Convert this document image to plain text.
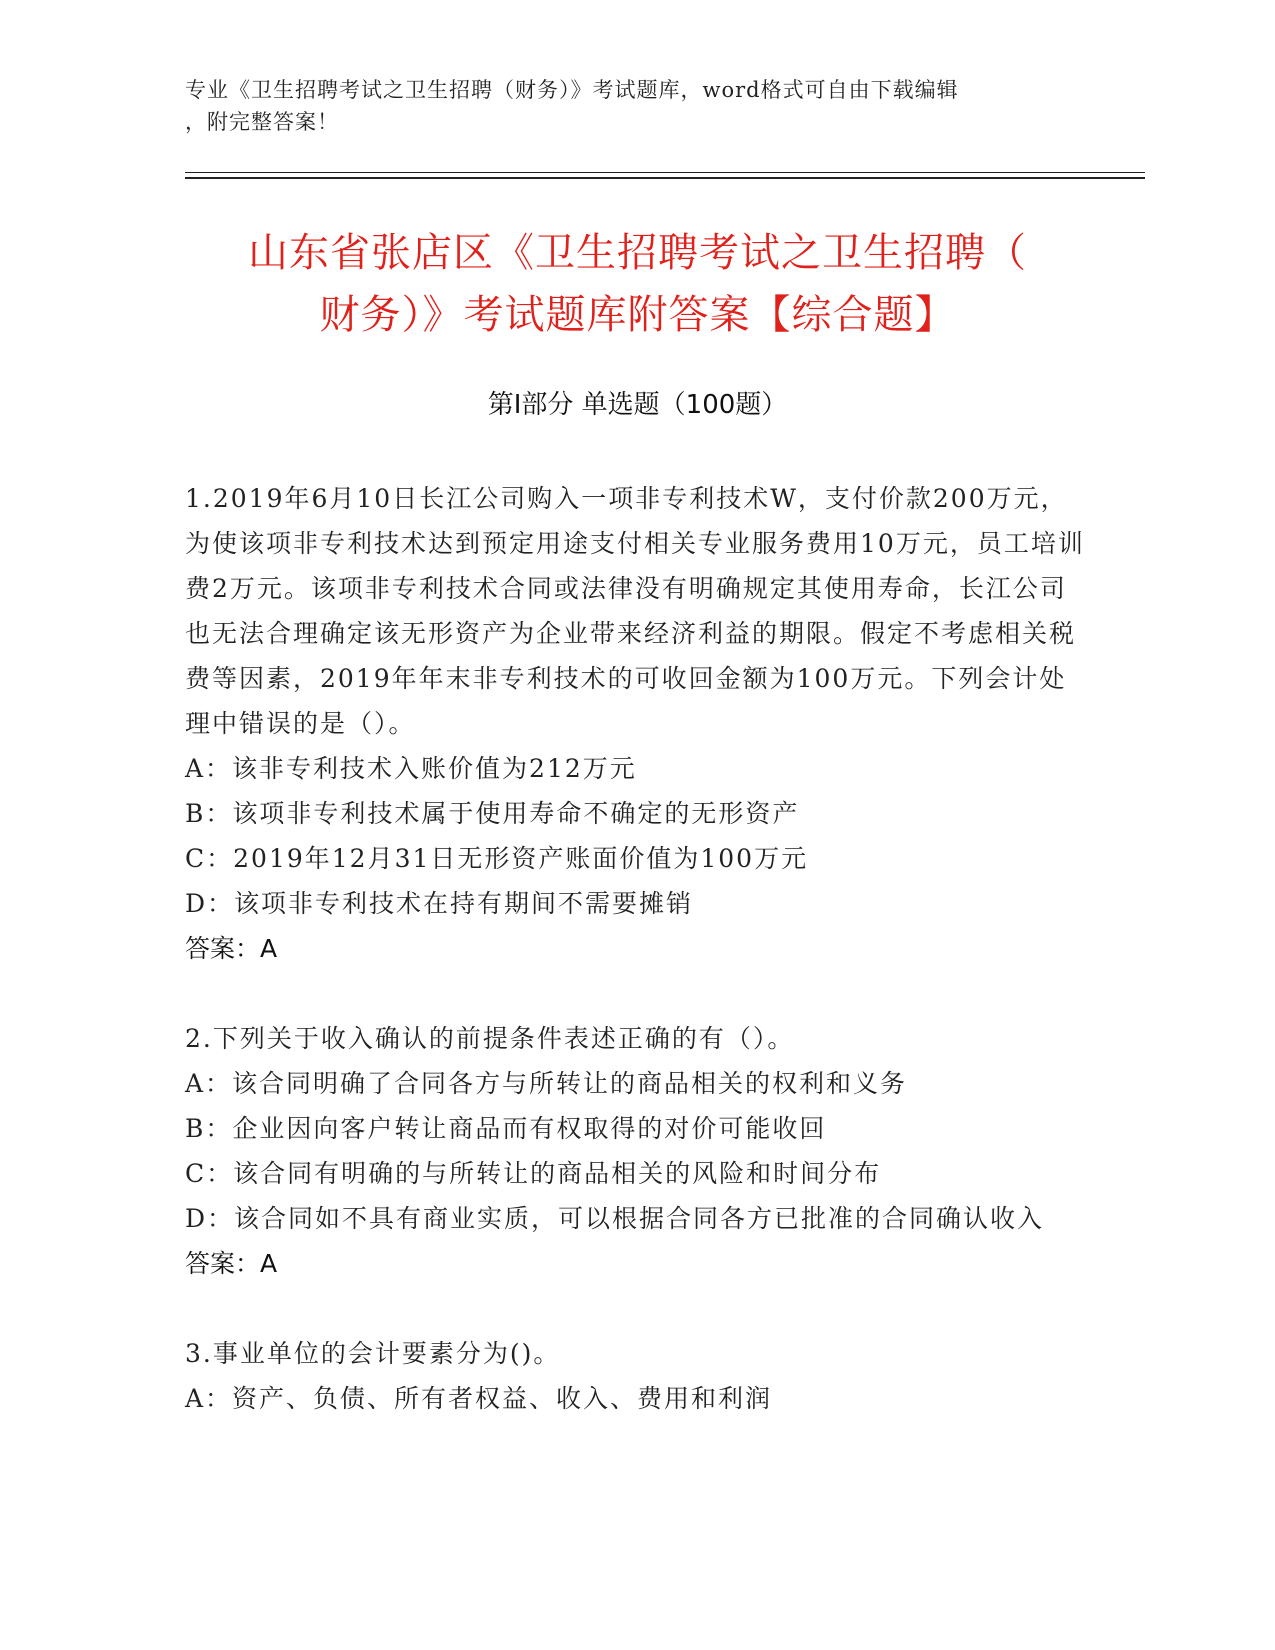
专业《卫生招聘考试之卫生招聘（财务）》考试题库，word格式可自由下载编辑
，附完整答案！
山东省张店区《卫生招聘考试之卫生招聘（
财务）》考试题库附答案【综合题】
第Ⅰ部分 单选题（100题）

1.2019年6月10日长江公司购入一项非专利技术W，支付价款200万元，为使该项非专利技术达到预定用途支付相关专业服务费用10万元，员工培训费2万元。该项非专利技术合同或法律没有明确规定其使用寿命，长江公司也无法合理确定该无形资产为企业带来经济利益的期限。假定不考虑相关税费等因素，2019年年末非专利技术的可收回金额为100万元。下列会计处理中错误的是（）。

A：该非专利技术入账价值为212万元

B：该项非专利技术属于使用寿命不确定的无形资产

C：2019年12月31日无形资产账面价值为100万元

D：该项非专利技术在持有期间不需要摊销

答案：A

2.下列关于收入确认的前提条件表述正确的有（）。

A：该合同明确了合同各方与所转让的商品相关的权利和义务

B：企业因向客户转让商品而有权取得的对价可能收回

C：该合同有明确的与所转让的商品相关的风险和时间分布

D：该合同如不具有商业实质，可以根据合同各方已批准的合同确认收入

答案：A

3.事业单位的会计要素分为()。

A：资产、负债、所有者权益、收入、费用和利润
